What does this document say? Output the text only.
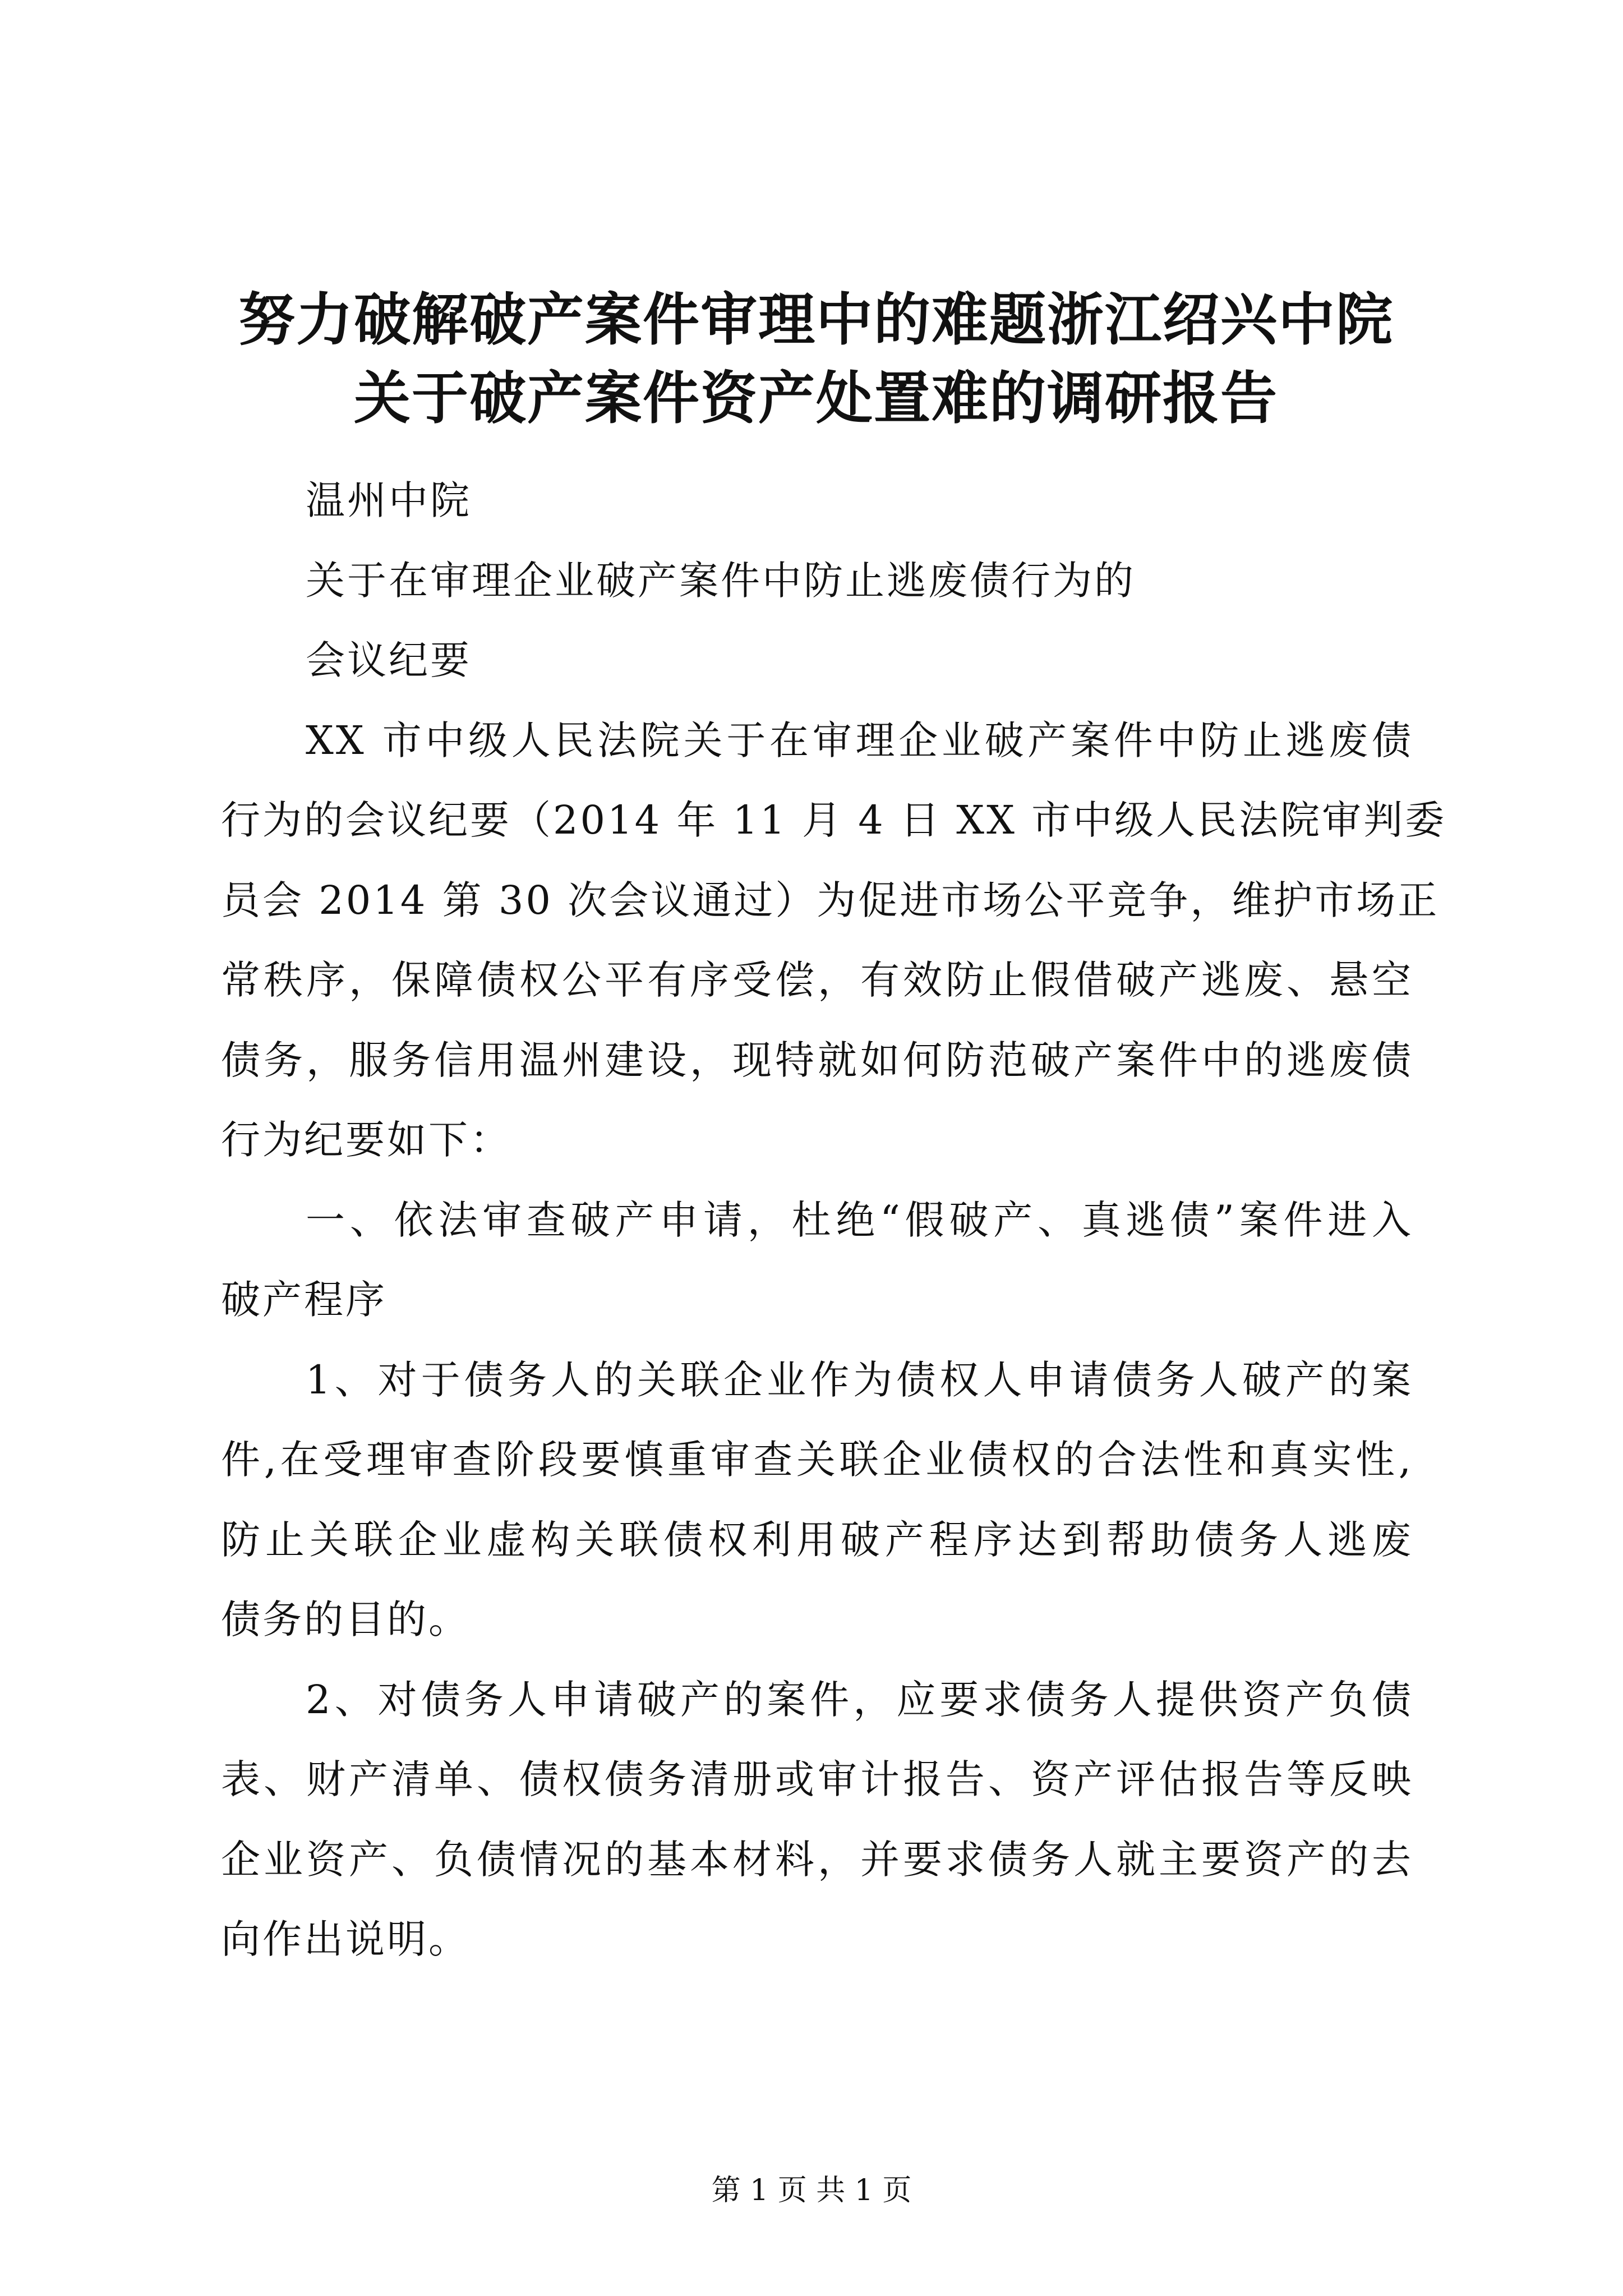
努力破解破产案件审理中的难题浙江绍兴中院
关于破产案件资产处置难的调研报告
温州中院
关于在审理企业破产案件中防止逃废债行为的
会议纪要
XX 市中级人民法院关于在审理企业破产案件中防止逃废债
行为的会议纪要（2014 年 11 月 4 日 XX 市中级人民法院审判委
员会 2014 第 30 次会议通过）为促进市场公平竞争，维护市场正
常秩序，保障债权公平有序受偿，有效防止假借破产逃废、悬空
债务，服务信用温州建设，现特就如何防范破产案件中的逃废债
行为纪要如下：
一、依法审查破产申请，杜绝“假破产、真逃债”案件进入
破产程序
1、对于债务人的关联企业作为债权人申请债务人破产的案
件,在受理审查阶段要慎重审查关联企业债权的合法性和真实性,
防止关联企业虚构关联债权利用破产程序达到帮助债务人逃废
债务的目的。
2、对债务人申请破产的案件，应要求债务人提供资产负债
表、财产清单、债权债务清册或审计报告、资产评估报告等反映
企业资产、负债情况的基本材料，并要求债务人就主要资产的去
向作出说明。
第 1 页 共 1 页
